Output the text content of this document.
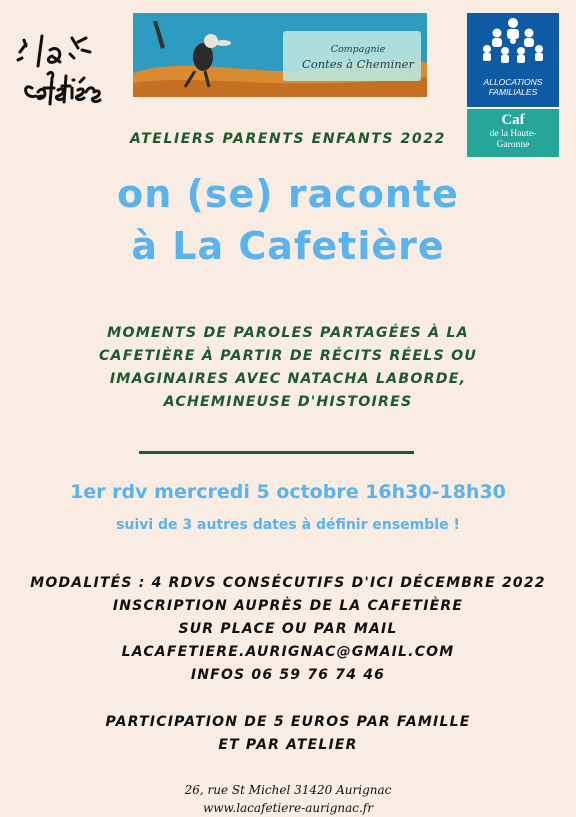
Compagnie
Contes à Cheminer
ALLOCATIONS
FAMILIALES
Caf
de la Haute-
Garonne
ATELIERS PARENTS ENFANTS 2022
on (se) raconte
à La Cafetière
MOMENTS DE PAROLES PARTAGÉES À LA
CAFETIÈRE À PARTIR DE RÉCITS RÉELS OU
IMAGINAIRES AVEC NATACHA LABORDE,
ACHEMINEUSE D'HISTOIRES
1er rdv mercredi 5 octobre 16h30-18h30
suivi de 3 autres dates à définir ensemble !
MODALITÉS : 4 RDVS CONSÉCUTIFS D'ICI DÉCEMBRE 2022
INSCRIPTION AUPRÈS DE LA CAFETIÈRE
SUR PLACE OU PAR MAIL
LACAFETIERE.AURIGNAC@GMAIL.COM
INFOS 06 59 76 74 46
PARTICIPATION DE 5 EUROS PAR FAMILLE
ET PAR ATELIER
26, rue St Michel 31420 Aurignac
www.lacafetiere-aurignac.fr
